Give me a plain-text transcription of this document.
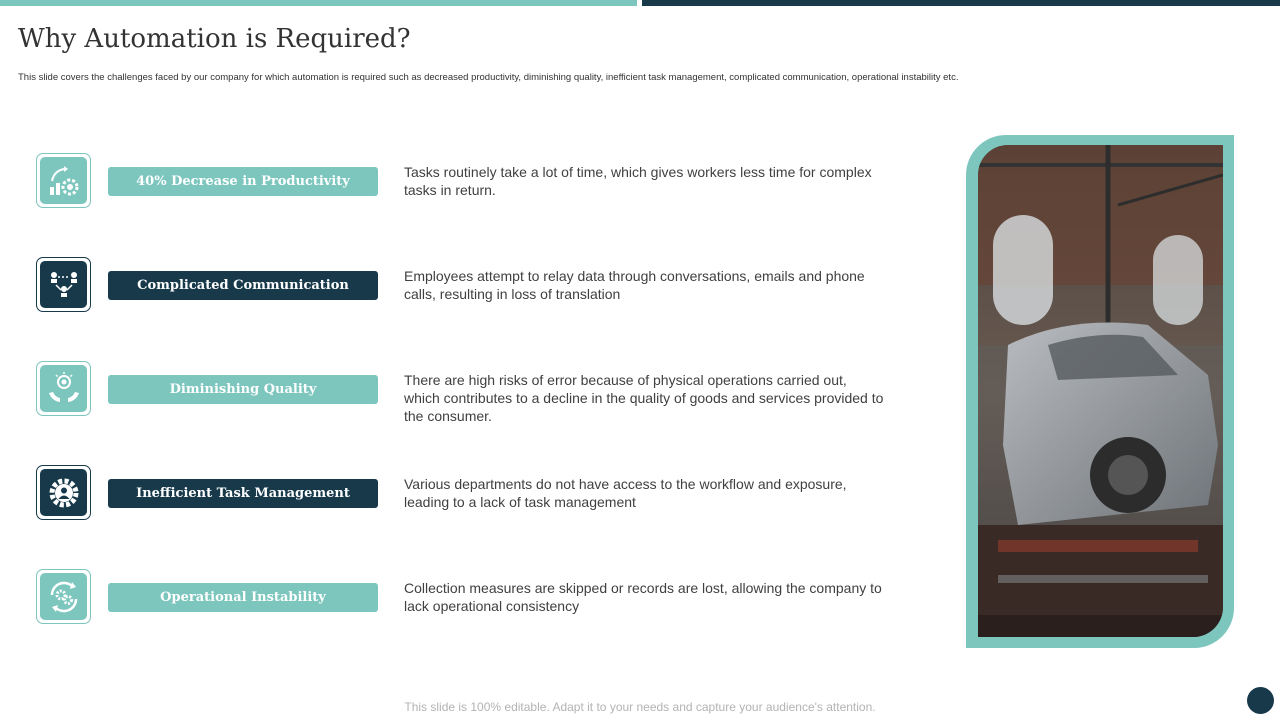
Why Automation is Required?
This slide covers the challenges faced by our company for which automation is required such as decreased productivity, diminishing quality, inefficient task management, complicated communication, operational instability etc.
40% Decrease in Productivity
Tasks routinely take a lot of time, which gives workers less time for complex tasks in return.
Complicated Communication
Employees attempt to relay data through conversations, emails and phone calls, resulting in loss of translation
Diminishing Quality
There are high risks of error because of physical operations carried out, which contributes to a decline in the quality of goods and services provided to the consumer.
Inefficient Task Management
Various departments do not have access to the workflow and exposure, leading to a lack of task management
Operational Instability
Collection measures are skipped or records are lost, allowing the company to lack operational consistency
This slide is 100% editable. Adapt it to your needs and capture your audience's attention.
